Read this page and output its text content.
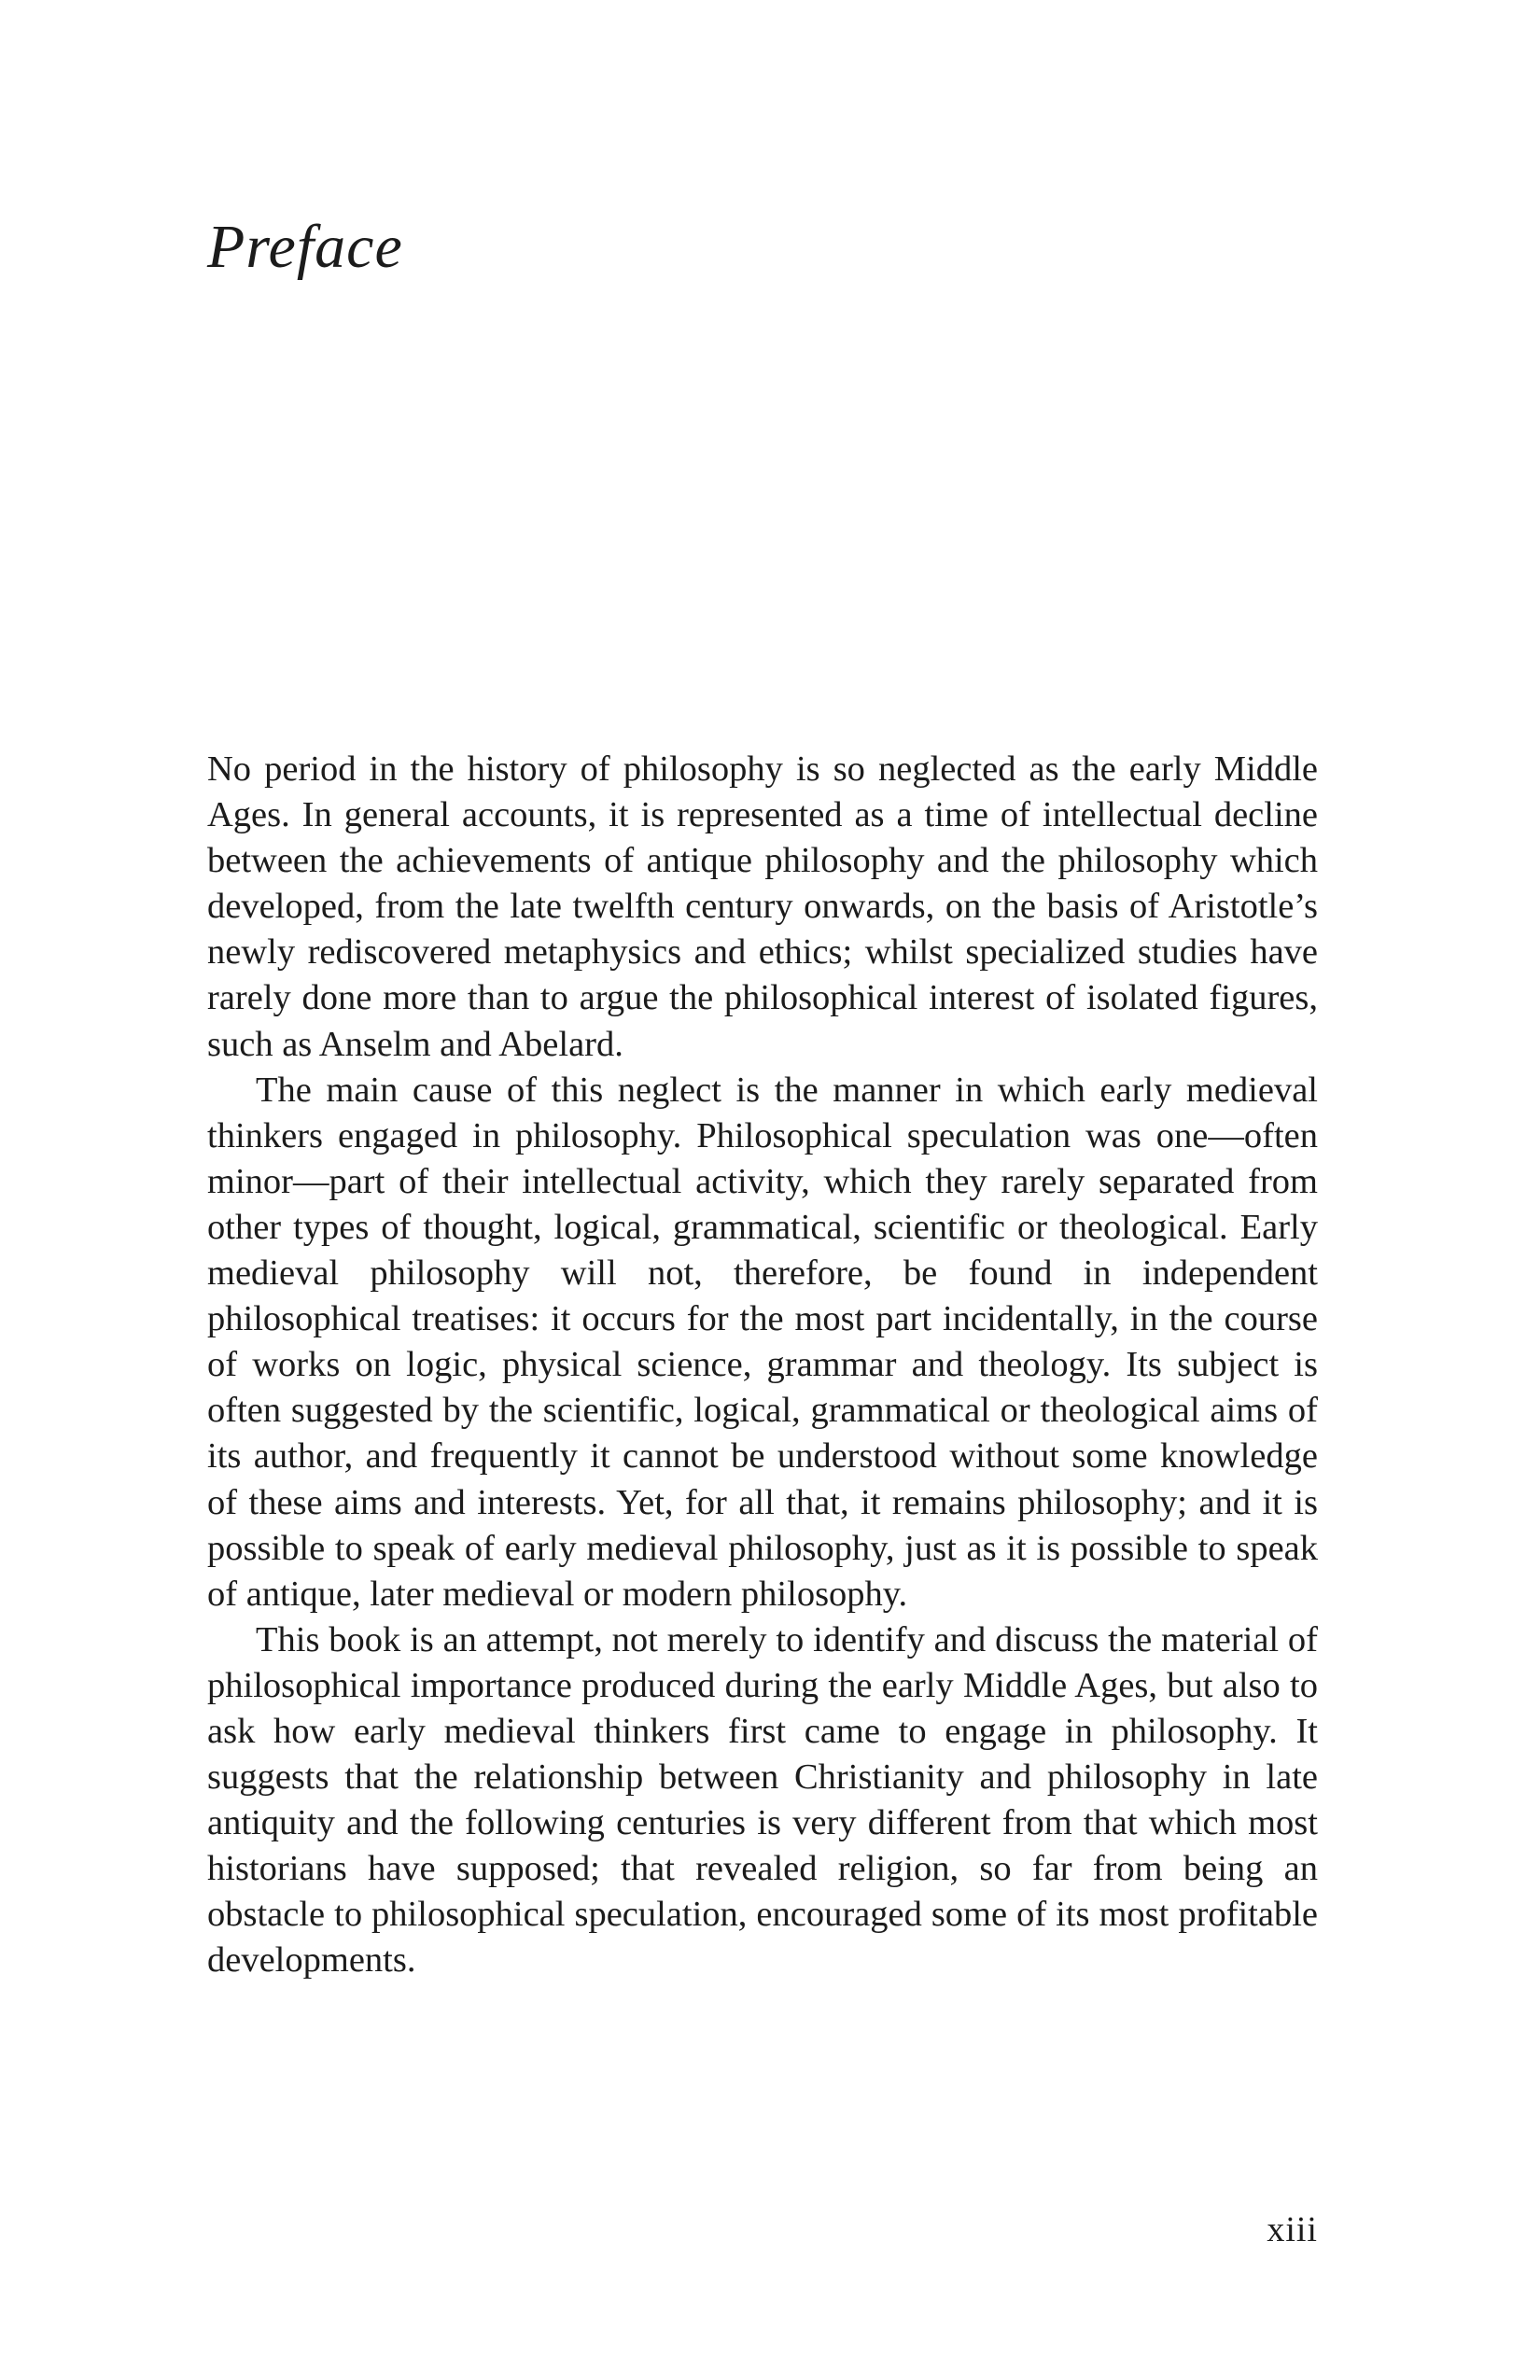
Preface

No period in the history of philosophy is so neglected as the early Middle Ages. In general accounts, it is represented as a time of intellectual decline between the achievements of antique philosophy and the philosophy which developed, from the late twelfth century onwards, on the basis of Aristotle’s newly rediscovered metaphysics and ethics; whilst specialized studies have rarely done more than to argue the philosophical interest of isolated figures, such as Anselm and Abelard.

The main cause of this neglect is the manner in which early medieval thinkers engaged in philosophy. Philosophical speculation was one—often minor—part of their intellectual activity, which they rarely separated from other types of thought, logical, grammatical, scientific or theological. Early medieval philosophy will not, therefore, be found in independent philosophical treatises: it occurs for the most part incidentally, in the course of works on logic, physical science, grammar and theology. Its subject is often suggested by the scientific, logical, grammatical or theological aims of its author, and frequently it cannot be understood without some knowledge of these aims and interests. Yet, for all that, it remains philosophy; and it is possible to speak of early medieval philosophy, just as it is possible to speak of antique, later medieval or modern philosophy.

This book is an attempt, not merely to identify and discuss the material of philosophical importance produced during the early Middle Ages, but also to ask how early medieval thinkers first came to engage in philosophy. It suggests that the relationship between Christianity and philosophy in late antiquity and the following centuries is very different from that which most historians have supposed; that revealed religion, so far from being an obstacle to philosophical speculation, encouraged some of its most profitable developments.

xiii
